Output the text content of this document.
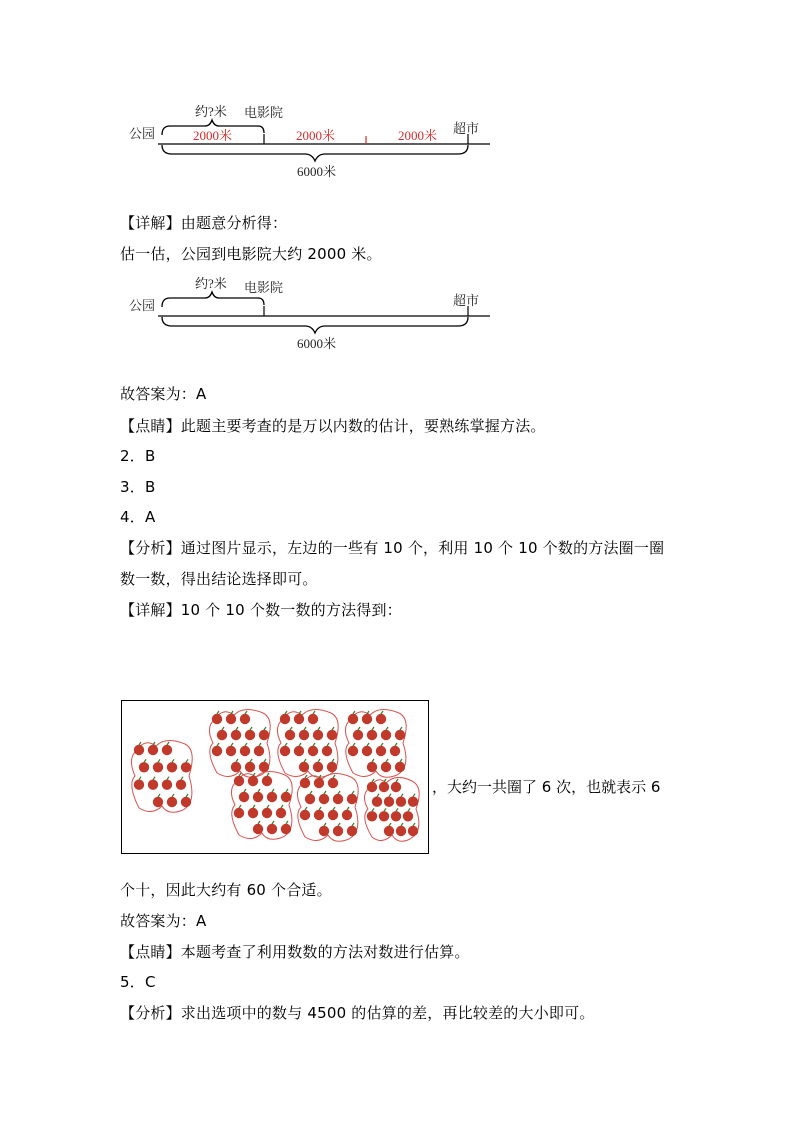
约?米 电影院
公园	超市
2000米	2000米	2000米
6000米
【详解】由题意分析得：
估一估，公园到电影院大约 2000 米。
约?米 电影院
公园	超市
6000米
故答案为：A
【点睛】此题主要考查的是万以内数的估计，要熟练掌握方法。
2．B
3．B
4．A
【分析】通过图片显示，左边的一些有 10 个，利用 10 个 10 个数的方法圈一圈
数一数，得出结论选择即可。
【详解】10 个 10 个数一数的方法得到：
，大约一共圈了 6 次，也就表示 6
个十，因此大约有 60 个合适。
故答案为：A
【点睛】本题考查了利用数数的方法对数进行估算。
5．C
【分析】求出选项中的数与 4500 的估算的差，再比较差的大小即可。
